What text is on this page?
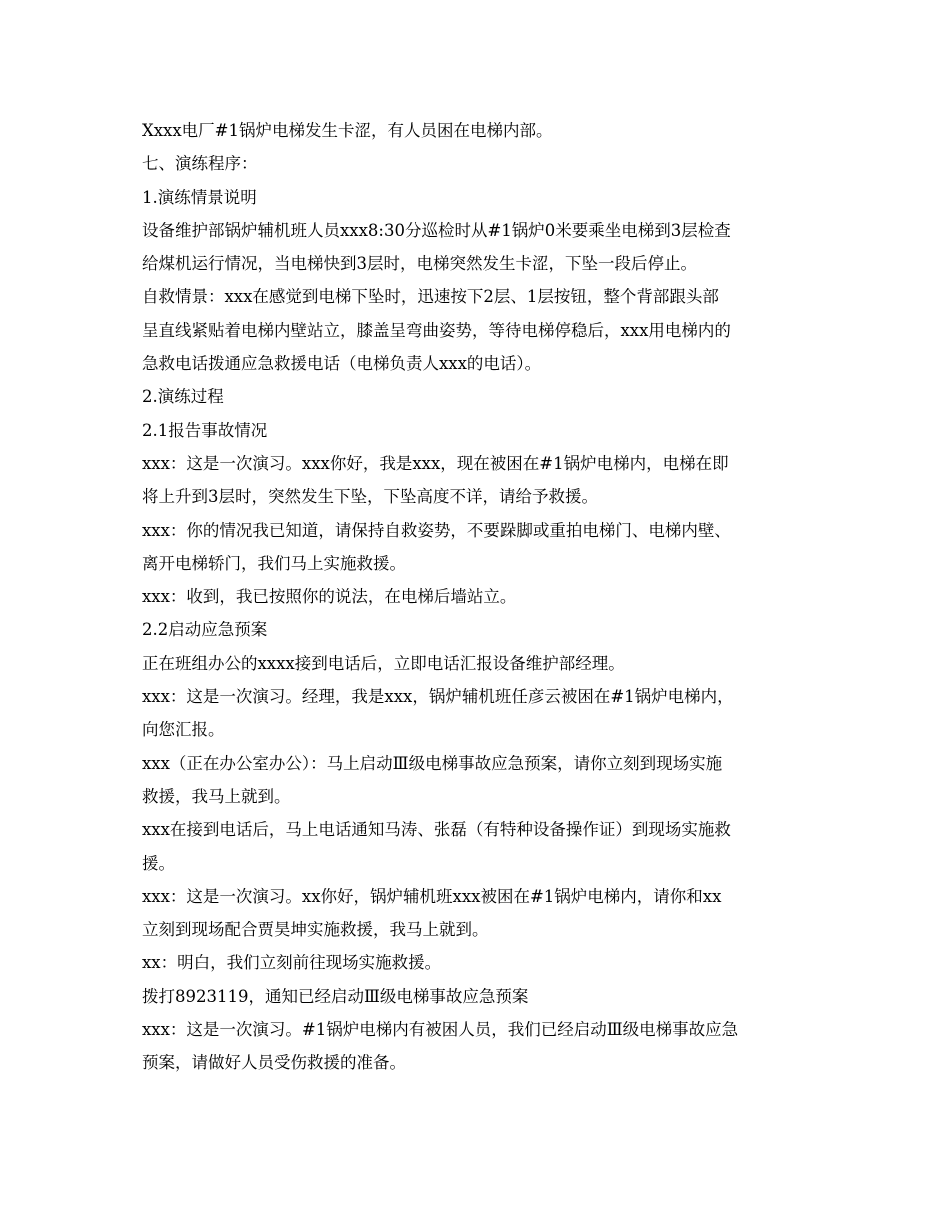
Xxxx电厂#1锅炉电梯发生卡涩，有人员困在电梯内部。
七、演练程序：
1.演练情景说明
设备维护部锅炉辅机班人员xxx8:30分巡检时从#1锅炉0米要乘坐电梯到3层检查
给煤机运行情况，当电梯快到3层时，电梯突然发生卡涩，下坠一段后停止。
自救情景：xxx在感觉到电梯下坠时，迅速按下2层、1层按钮，整个背部跟头部
呈直线紧贴着电梯内壁站立，膝盖呈弯曲姿势，等待电梯停稳后，xxx用电梯内的
急救电话拨通应急救援电话（电梯负责人xxx的电话）。
2.演练过程
2.1报告事故情况
xxx：这是一次演习。xxx你好，我是xxx，现在被困在#1锅炉电梯内，电梯在即
将上升到3层时，突然发生下坠，下坠高度不详，请给予救援。
xxx：你的情况我已知道，请保持自救姿势，不要跺脚或重拍电梯门、电梯内壁、
离开电梯轿门，我们马上实施救援。
xxx：收到，我已按照你的说法，在电梯后墙站立。
2.2启动应急预案
正在班组办公的xxxx接到电话后，立即电话汇报设备维护部经理。
xxx：这是一次演习。经理，我是xxx，锅炉辅机班任彦云被困在#1锅炉电梯内，
向您汇报。
xxx（正在办公室办公）：马上启动Ⅲ级电梯事故应急预案，请你立刻到现场实施
救援，我马上就到。
xxx在接到电话后，马上电话通知马涛、张磊（有特种设备操作证）到现场实施救
援。
xxx：这是一次演习。xx你好，锅炉辅机班xxx被困在#1锅炉电梯内，请你和xx
立刻到现场配合贾昊坤实施救援，我马上就到。
xx：明白，我们立刻前往现场实施救援。
拨打8923119，通知已经启动Ⅲ级电梯事故应急预案
xxx：这是一次演习。#1锅炉电梯内有被困人员，我们已经启动Ⅲ级电梯事故应急
预案，请做好人员受伤救援的准备。
